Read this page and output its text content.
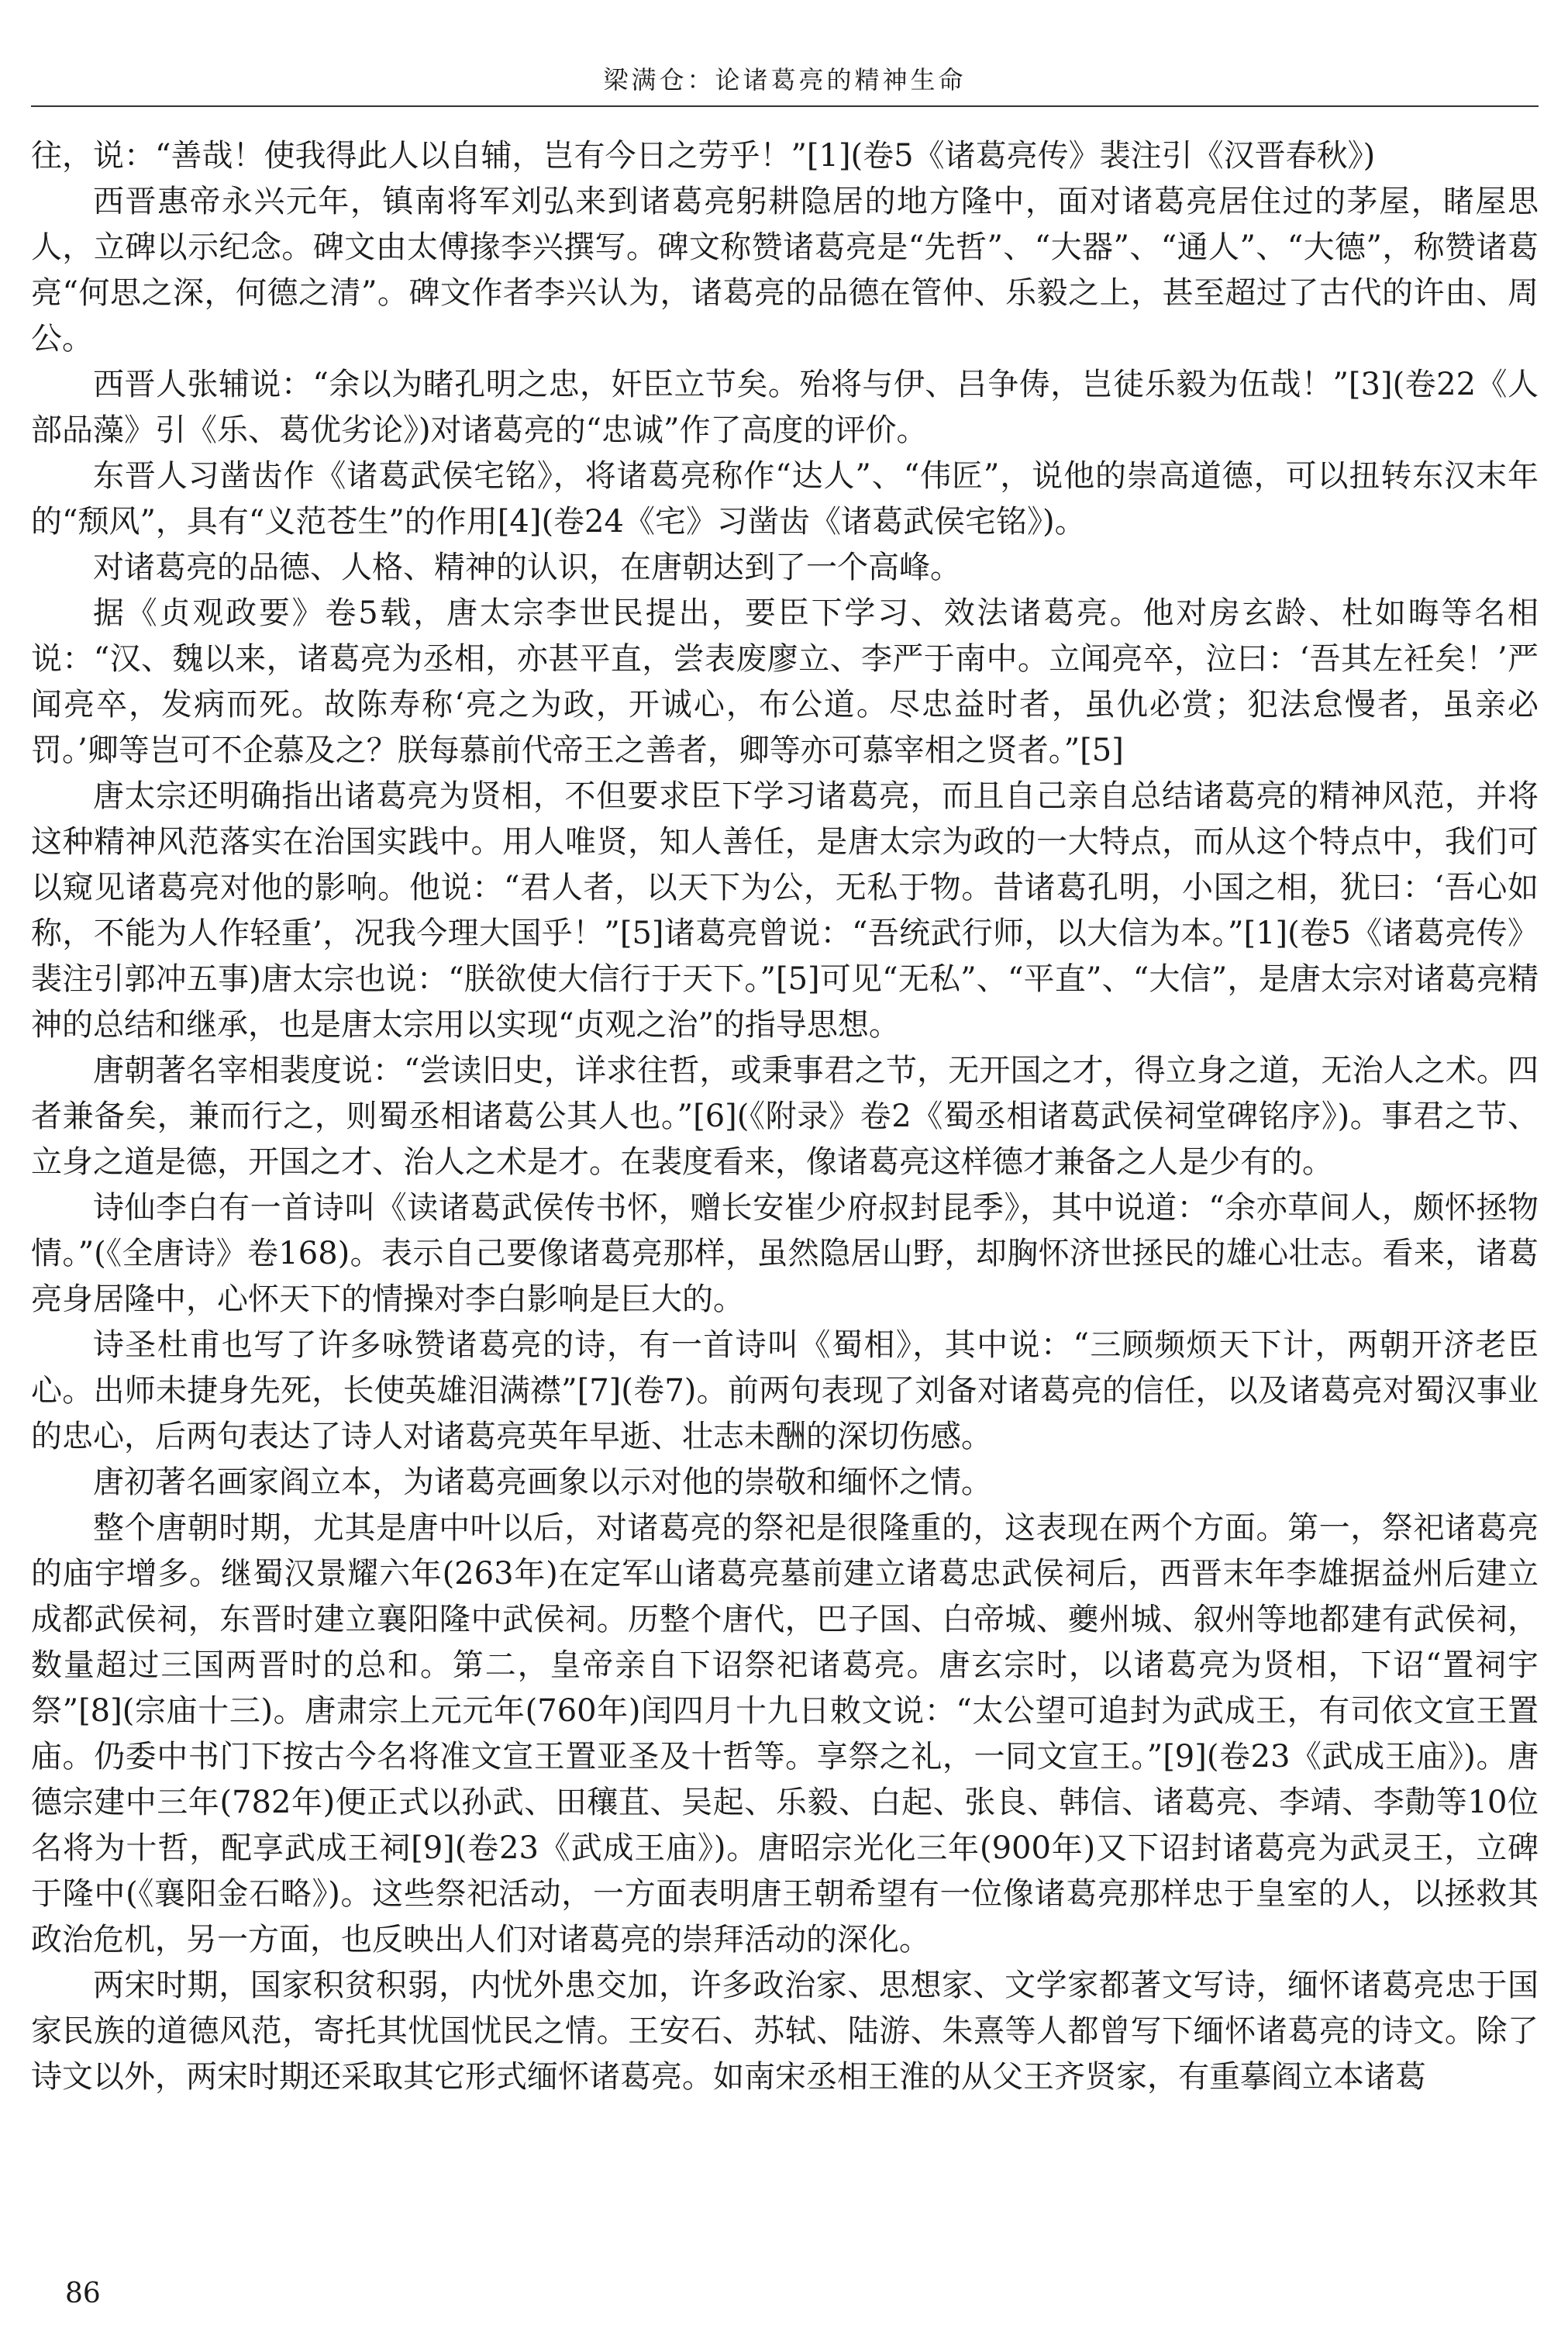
梁满仓：论诸葛亮的精神生命

往，说：“善哉！使我得此人以自辅，岂有今日之劳乎！”[1](卷5《诸葛亮传》裴注引《汉晋春秋》)

西晋惠帝永兴元年，镇南将军刘弘来到诸葛亮躬耕隐居的地方隆中，面对诸葛亮居住过的茅屋，睹屋思人，立碑以示纪念。碑文由太傅掾李兴撰写。碑文称赞诸葛亮是“先哲”、“大器”、“通人”、“大德”，称赞诸葛亮“何思之深，何德之清”。碑文作者李兴认为，诸葛亮的品德在管仲、乐毅之上，甚至超过了古代的许由、周公。

西晋人张辅说：“余以为睹孔明之忠，奸臣立节矣。殆将与伊、吕争俦，岂徒乐毅为伍哉！”[3](卷22《人部品藻》引《乐、葛优劣论》)对诸葛亮的“忠诚”作了高度的评价。

东晋人习凿齿作《诸葛武侯宅铭》，将诸葛亮称作“达人”、“伟匠”，说他的崇高道德，可以扭转东汉末年的“颓风”，具有“义范苍生”的作用[4](卷24《宅》习凿齿《诸葛武侯宅铭》)。

对诸葛亮的品德、人格、精神的认识，在唐朝达到了一个高峰。

据《贞观政要》卷5载，唐太宗李世民提出，要臣下学习、效法诸葛亮。他对房玄龄、杜如晦等名相说：“汉、魏以来，诸葛亮为丞相，亦甚平直，尝表废廖立、李严于南中。立闻亮卒，泣曰：‘吾其左衽矣！’严闻亮卒，发病而死。故陈寿称‘亮之为政，开诚心，布公道。尽忠益时者，虽仇必赏；犯法怠慢者，虽亲必罚。’卿等岂可不企慕及之？朕每慕前代帝王之善者，卿等亦可慕宰相之贤者。”[5]

唐太宗还明确指出诸葛亮为贤相，不但要求臣下学习诸葛亮，而且自己亲自总结诸葛亮的精神风范，并将这种精神风范落实在治国实践中。用人唯贤，知人善任，是唐太宗为政的一大特点，而从这个特点中，我们可以窥见诸葛亮对他的影响。他说：“君人者，以天下为公，无私于物。昔诸葛孔明，小国之相，犹曰：‘吾心如称，不能为人作轻重’，况我今理大国乎！”[5]诸葛亮曾说：“吾统武行师，以大信为本。”[1](卷5《诸葛亮传》裴注引郭冲五事)唐太宗也说：“朕欲使大信行于天下。”[5]可见“无私”、“平直”、“大信”，是唐太宗对诸葛亮精神的总结和继承，也是唐太宗用以实现“贞观之治”的指导思想。

唐朝著名宰相裴度说：“尝读旧史，详求往哲，或秉事君之节，无开国之才，得立身之道，无治人之术。四者兼备矣，兼而行之，则蜀丞相诸葛公其人也。”[6](《附录》卷2《蜀丞相诸葛武侯祠堂碑铭序》)。事君之节、立身之道是德，开国之才、治人之术是才。在裴度看来，像诸葛亮这样德才兼备之人是少有的。

诗仙李白有一首诗叫《读诸葛武侯传书怀，赠长安崔少府叔封昆季》，其中说道：“余亦草间人，颇怀拯物情。”(《全唐诗》卷168)。表示自己要像诸葛亮那样，虽然隐居山野，却胸怀济世拯民的雄心壮志。看来，诸葛亮身居隆中，心怀天下的情操对李白影响是巨大的。

诗圣杜甫也写了许多咏赞诸葛亮的诗，有一首诗叫《蜀相》，其中说：“三顾频烦天下计，两朝开济老臣心。出师未捷身先死，长使英雄泪满襟”[7](卷7)。前两句表现了刘备对诸葛亮的信任，以及诸葛亮对蜀汉事业的忠心，后两句表达了诗人对诸葛亮英年早逝、壮志未酬的深切伤感。

唐初著名画家阎立本，为诸葛亮画象以示对他的崇敬和缅怀之情。

整个唐朝时期，尤其是唐中叶以后，对诸葛亮的祭祀是很隆重的，这表现在两个方面。第一，祭祀诸葛亮的庙宇增多。继蜀汉景耀六年(263年)在定军山诸葛亮墓前建立诸葛忠武侯祠后，西晋末年李雄据益州后建立成都武侯祠，东晋时建立襄阳隆中武侯祠。历整个唐代，巴子国、白帝城、夔州城、叙州等地都建有武侯祠，数量超过三国两晋时的总和。第二，皇帝亲自下诏祭祀诸葛亮。唐玄宗时，以诸葛亮为贤相，下诏“置祠宇祭”[8](宗庙十三)。唐肃宗上元元年(760年)闰四月十九日敕文说：“太公望可追封为武成王，有司依文宣王置庙。仍委中书门下按古今名将准文宣王置亚圣及十哲等。享祭之礼，一同文宣王。”[9](卷23《武成王庙》)。唐德宗建中三年(782年)便正式以孙武、田穰苴、吴起、乐毅、白起、张良、韩信、诸葛亮、李靖、李勣等10位名将为十哲，配享武成王祠[9](卷23《武成王庙》)。唐昭宗光化三年(900年)又下诏封诸葛亮为武灵王，立碑于隆中(《襄阳金石略》)。这些祭祀活动，一方面表明唐王朝希望有一位像诸葛亮那样忠于皇室的人，以拯救其政治危机，另一方面，也反映出人们对诸葛亮的崇拜活动的深化。

两宋时期，国家积贫积弱，内忧外患交加，许多政治家、思想家、文学家都著文写诗，缅怀诸葛亮忠于国家民族的道德风范，寄托其忧国忧民之情。王安石、苏轼、陆游、朱熹等人都曾写下缅怀诸葛亮的诗文。除了诗文以外，两宋时期还采取其它形式缅怀诸葛亮。如南宋丞相王淮的从父王齐贤家，有重摹阎立本诸葛

86
